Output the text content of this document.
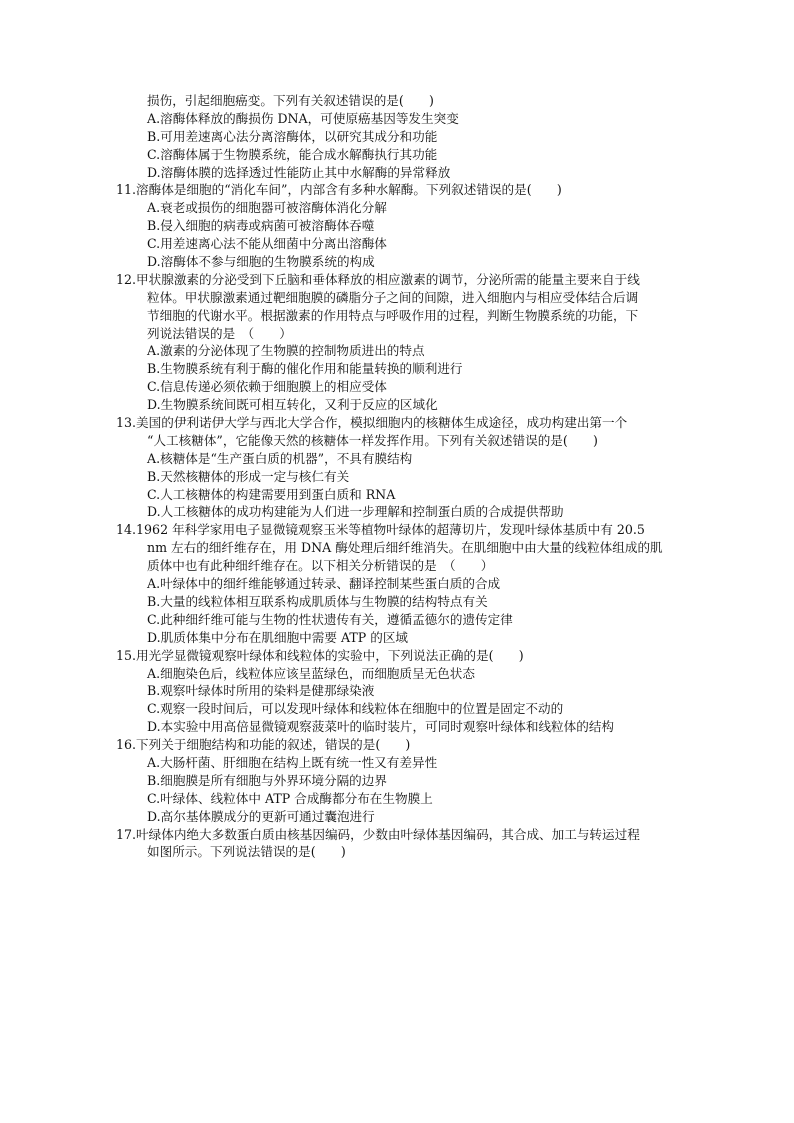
损伤，引起细胞癌变。下列有关叙述错误的是(　　)
A.溶酶体释放的酶损伤 DNA，可使原癌基因等发生突变
B.可用差速离心法分离溶酶体，以研究其成分和功能
C.溶酶体属于生物膜系统，能合成水解酶执行其功能
D.溶酶体膜的选择透过性能防止其中水解酶的异常释放
11.溶酶体是细胞的“消化车间”，内部含有多种水解酶。下列叙述错误的是(　　)
A.衰老或损伤的细胞器可被溶酶体消化分解
B.侵入细胞的病毒或病菌可被溶酶体吞噬
C.用差速离心法不能从细菌中分离出溶酶体
D.溶酶体不参与细胞的生物膜系统的构成
12.甲状腺激素的分泌受到下丘脑和垂体释放的相应激素的调节，分泌所需的能量主要来自于线
粒体。甲状腺激素通过靶细胞膜的磷脂分子之间的间隙，进入细胞内与相应受体结合后调
节细胞的代谢水平。根据激素的作用特点与呼吸作用的过程，判断生物膜系统的功能，下
列说法错误的是　（　　）
A.激素的分泌体现了生物膜的控制物质进出的特点
B.生物膜系统有利于酶的催化作用和能量转换的顺利进行
C.信息传递必须依赖于细胞膜上的相应受体
D.生物膜系统间既可相互转化，又利于反应的区域化
13.美国的伊利诺伊大学与西北大学合作，模拟细胞内的核糖体生成途径，成功构建出第一个
“人工核糖体”，它能像天然的核糖体一样发挥作用。下列有关叙述错误的是(　　)
A.核糖体是“生产蛋白质的机器”，不具有膜结构
B.天然核糖体的形成一定与核仁有关
C.人工核糖体的构建需要用到蛋白质和 RNA
D.人工核糖体的成功构建能为人们进一步理解和控制蛋白质的合成提供帮助
14.1962 年科学家用电子显微镜观察玉米等植物叶绿体的超薄切片，发现叶绿体基质中有 20.5
nm 左右的细纤维存在，用 DNA 酶处理后细纤维消失。在肌细胞中由大量的线粒体组成的肌
质体中也有此种细纤维存在。以下相关分析错误的是　（　　）
A.叶绿体中的细纤维能够通过转录、翻译控制某些蛋白质的合成
B.大量的线粒体相互联系构成肌质体与生物膜的结构特点有关
C.此种细纤维可能与生物的性状遗传有关，遵循孟德尔的遗传定律
D.肌质体集中分布在肌细胞中需要 ATP 的区域
15.用光学显微镜观察叶绿体和线粒体的实验中，下列说法正确的是(　　)
A.细胞染色后，线粒体应该呈蓝绿色，而细胞质呈无色状态
B.观察叶绿体时所用的染料是健那绿染液
C.观察一段时间后，可以发现叶绿体和线粒体在细胞中的位置是固定不动的
D.本实验中用高倍显微镜观察菠菜叶的临时装片，可同时观察叶绿体和线粒体的结构
16.下列关于细胞结构和功能的叙述，错误的是(　　)
A.大肠杆菌、肝细胞在结构上既有统一性又有差异性
B.细胞膜是所有细胞与外界环境分隔的边界
C.叶绿体、线粒体中 ATP 合成酶都分布在生物膜上
D.高尔基体膜成分的更新可通过囊泡进行
17.叶绿体内绝大多数蛋白质由核基因编码，少数由叶绿体基因编码，其合成、加工与转运过程
如图所示。下列说法错误的是(　　)
